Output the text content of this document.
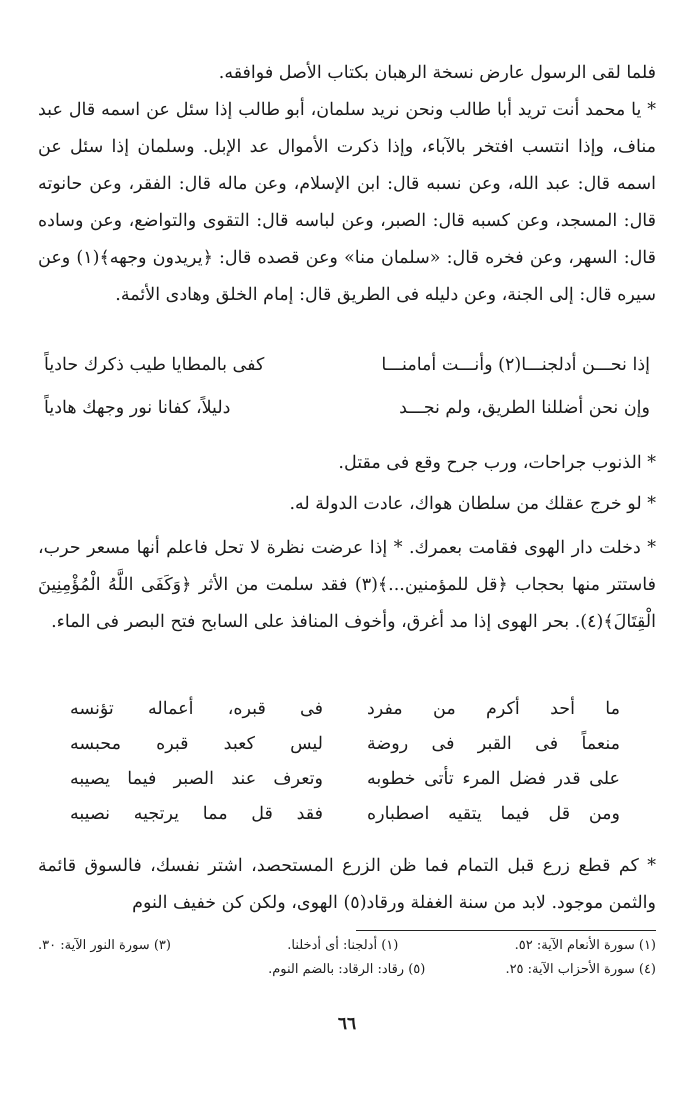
فلما لقى الرسول عارض نسخة الرهبان بكتاب الأصل فوافقه.

* يا محمد أنت تريد أبا طالب ونحن نريد سلمان، أبو طالب إذا سئل عن اسمه قال عبد مناف، وإذا انتسب افتخر بالآباء، وإذا ذكرت الأموال عد الإبل. وسلمان إذا سئل عن اسمه قال: عبد الله، وعن نسبه قال: ابن الإسلام، وعن ماله قال: الفقر، وعن حانوته قال: المسجد، وعن كسبه قال: الصبر، وعن لباسه قال: التقوى والتواضع، وعن وساده قال: السهر، وعن فخره قال: «سلمان منا» وعن قصده قال: ﴿يريدون وجهه﴾(١) وعن سيره قال: إلى الجنة، وعن دليله فى الطريق قال: إمام الخلق وهادى الأئمة.

إذا نحـــن أدلجنـــا(٢) وأنـــت أمامنـــا
كفى بالمطايا طيب ذكرك حادياً
وإن نحن أضللنا الطريق، ولم نجـــد
دليلاً، كفانا نور وجهك هادياً

* الذنوب جراحات، ورب جرح وقع فى مقتل.

* لو خرج عقلك من سلطان هواك، عادت الدولة له.

* دخلت دار الهوى فقامت بعمرك. * إذا عرضت نظرة لا تحل فاعلم أنها مسعر حرب، فاستتر منها بحجاب ﴿قل للمؤمنين...﴾(٣) فقد سلمت من الأثر ﴿وَكَفَى اللَّهُ الْمُؤْمِنِينَ الْقِتَالَ﴾(٤). بحر الهوى إذا مد أغرق، وأخوف المنافذ على السابح فتح البصر فى الماء.

ما أحد أكرم من مفرد
فى قبره، أعماله تؤنسه
منعماً فى القبر فى روضة
ليس كعبد قبره محبسه
على قدر فضل المرء تأتى خطوبه
وتعرف عند الصبر فيما يصيبه
ومن قل فيما يتقيه اصطباره
فقد قل مما يرتجيه نصيبه

* كم قطع زرع قبل التمام فما ظن الزرع المستحصد، اشتر نفسك، فالسوق قائمة والثمن موجود. لابد من سنة الغفلة ورقاد(٥) الهوى، ولكن كن خفيف النوم

(١) سورة الأنعام الآية: ٥٢.
(١) أدلجنا: أى أدخلنا.
(٣) سورة النور الآية: ٣٠.
(٤) سورة الأحزاب الآية: ٢٥.
(٥) رقاد: الرقاد: بالضم النوم.
٦٦
